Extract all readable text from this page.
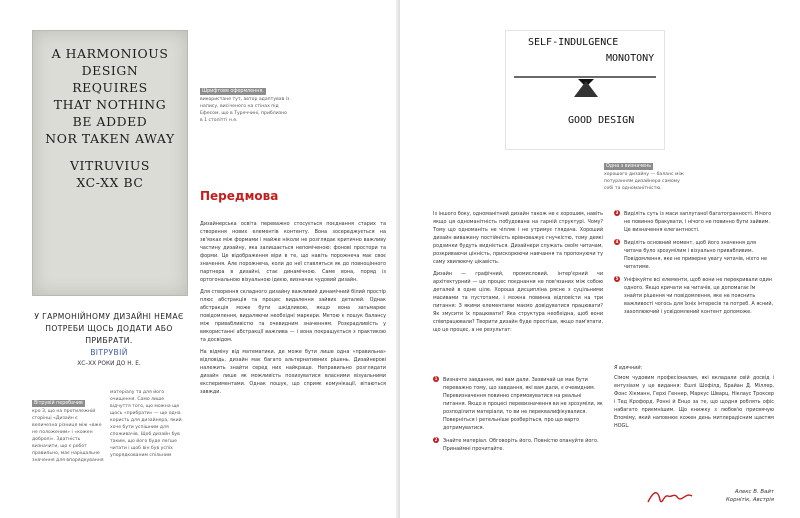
A HARMONIOUS
DESIGN
REQUIRES
THAT NOTHING
BE ADDED
NOR TAKEN AWAY
VITRUVIUS
XC-XX BC
Шрифтове оформлення.
використане тут, автор адаптував із напису, висіченого на стінах під Ефесом, що в Туреччині, приблизно в 1 столітті н.е.
Передмова

Дизайнерська освіта переважно стосується поєднання старих та створення нових елементів контенту. Вона зосереджується на зв'язках між формами і майже ніколи не розглядає критично важливу частину дизайну, яка залишається непоміченою: фонові простори та форми. Це відображення віри в те, що навіть порожнеча має своє значення. Але порожнеча, коли до неї ставляться як до повноцінного партнера в дизайні, стає динамічною. Саме вона, поряд із ортогональною візуальною ідеєю, визначає чудовий дизайн.

Для створення складного дизайну важливий динамічний білий простір плюс абстракція та процес видалення зайвих деталей. Однак абстракція може бути шкідливою, якщо вона затьмарює повідомлення, видаляючи необхідні маркери. Метою є пошук балансу між привабливістю та очевидним значенням. Розкрадливість у використанні абстракції важлива — і вона покращується з практикою та досвідом.

На відміну від математики, де може бути лише одна «правильна» відповідь, дизайн має багато альтернативних рішень. Дизайнерові належить знайти серед них найкраще. Неправильно розглядати дизайн лише як можливість похизуватися власними візуальними експериментами. Однак пошук, що сприяє комунікації, вітаються завжди.

У ГАРМОНІЙНОМУ ДИЗАЙНІ НЕМАЄ ПОТРЕБИ ЩОСЬ ДОДАТИ АБО ПРИБРАТИ.
ВІТРУВІЙ
ХС–ХХ РОКИ ДО Н. Е.
Вітрувій перебачив
кро 3, що на протилежній сторінці «Дизайн є величезна різниця між «вже не положеним» і «кожен добролі». Здатність визначити, що є робот правильно, має наріщальне значення для впорядкування
матеріалу та для його очищення. Само лише відчуття того, що можна ще щось «прибрати» — ще одна користь для дизайнера, який хоче бути успішним для споживачів. Щоб дизайн був таким, що його буде легше читати і щоб він був успіх упорядкованим спільним
SELF-INDULGENCE
MONOTONY
GOOD DESIGN
Одна з визначень
хорошого дизайну — баланс між потуранням дизайнера самому собі та одноманітністю.

Із іншого боку, одноманітний дизайн також не є хорошим, навіть якщо ця одноманітність побудована на гарній структурі. Чому? Тому що одноманіть не чіпляє і не утримує глядача. Хороший дизайн виважену постійність врівноважує гнучкістю, тому деякі родзинки будуть видніється. Дизайнери служать своїм читачам, розкриваючи цінність, приcкорюючи навчання та пропонуючи ту саму хвилюючу цікавість.

Дизайн — графічний, промисловий, інтер'єрний чи архітектурний — це процес поєднання не пов'язаних між собою деталей в одне ціле. Хороша дисципліна рясне з суцільними масивами та пустотами, і можна повинна відповісти на три питання: З якими елементами маємо довідуватися працювати? Як змусити їх працювати? Яка структура необхідна, щоб вони співпрацювали? Творити дизайн буде простіше, якщо пам'ятати, що це процес, а не результат:

1	Визначте завдання, які вам дали. Зазвичай це має бути переважно тому, що завдання, які вам дали, є очевидним. Перевизначення повинно спрямовуватися на реальні питання. Якщо в процесі перевизначення ви не зрозуміли, як розподілити матеріали, то ви не переквалифікувалися. Поверніться і ретельніше розберіться, про що варто дотримуватися.
2	Знайте матеріал. Обговоріть його. Повністю опануйте його. Принаймні прочитайте.
3	Виділіть суть із маси заплутаної багатогранності. Нічого не повинно бракувати, і нічого не повинно бути зайвим. Це визначення елегантності.
4	Виділіть основний момент, щоб його значення для читача було зрозумілим і візуально привабливим. Повідомлення, яке не приверне увагу читачів, ніхто не читатиме.
5	Уніфікуйте всі елементи, щоб вони не перекривали один одного. Якщо кричати на читачів, це допомагає їм знайти рішення чи повідомлення, яке не пояснить важливості чогось для їхніх інтересів та потреб. А ясний, захоплюючий і усвідомлений контент допоможе.
Я вдячний:

Сімом чудовим професіоналам, які вкладали свій досвід і ентузіазм у це видання: Ешлі Шофілд, Брайан Д. Міллер, Фонс Хікманн, Герхі Геннер, Маркус Шварц, Ніклаус Троксер і Тед Крофорд. Ронні й Енцо за те, що щодня роблять офіс набагато приємнішим. Що книжку з любов'ю присвячую Епоміму, який наповнює кожен день митлерадісним щастям HOGL.

Алекс В. Вайт
Корнітік, Австрія
